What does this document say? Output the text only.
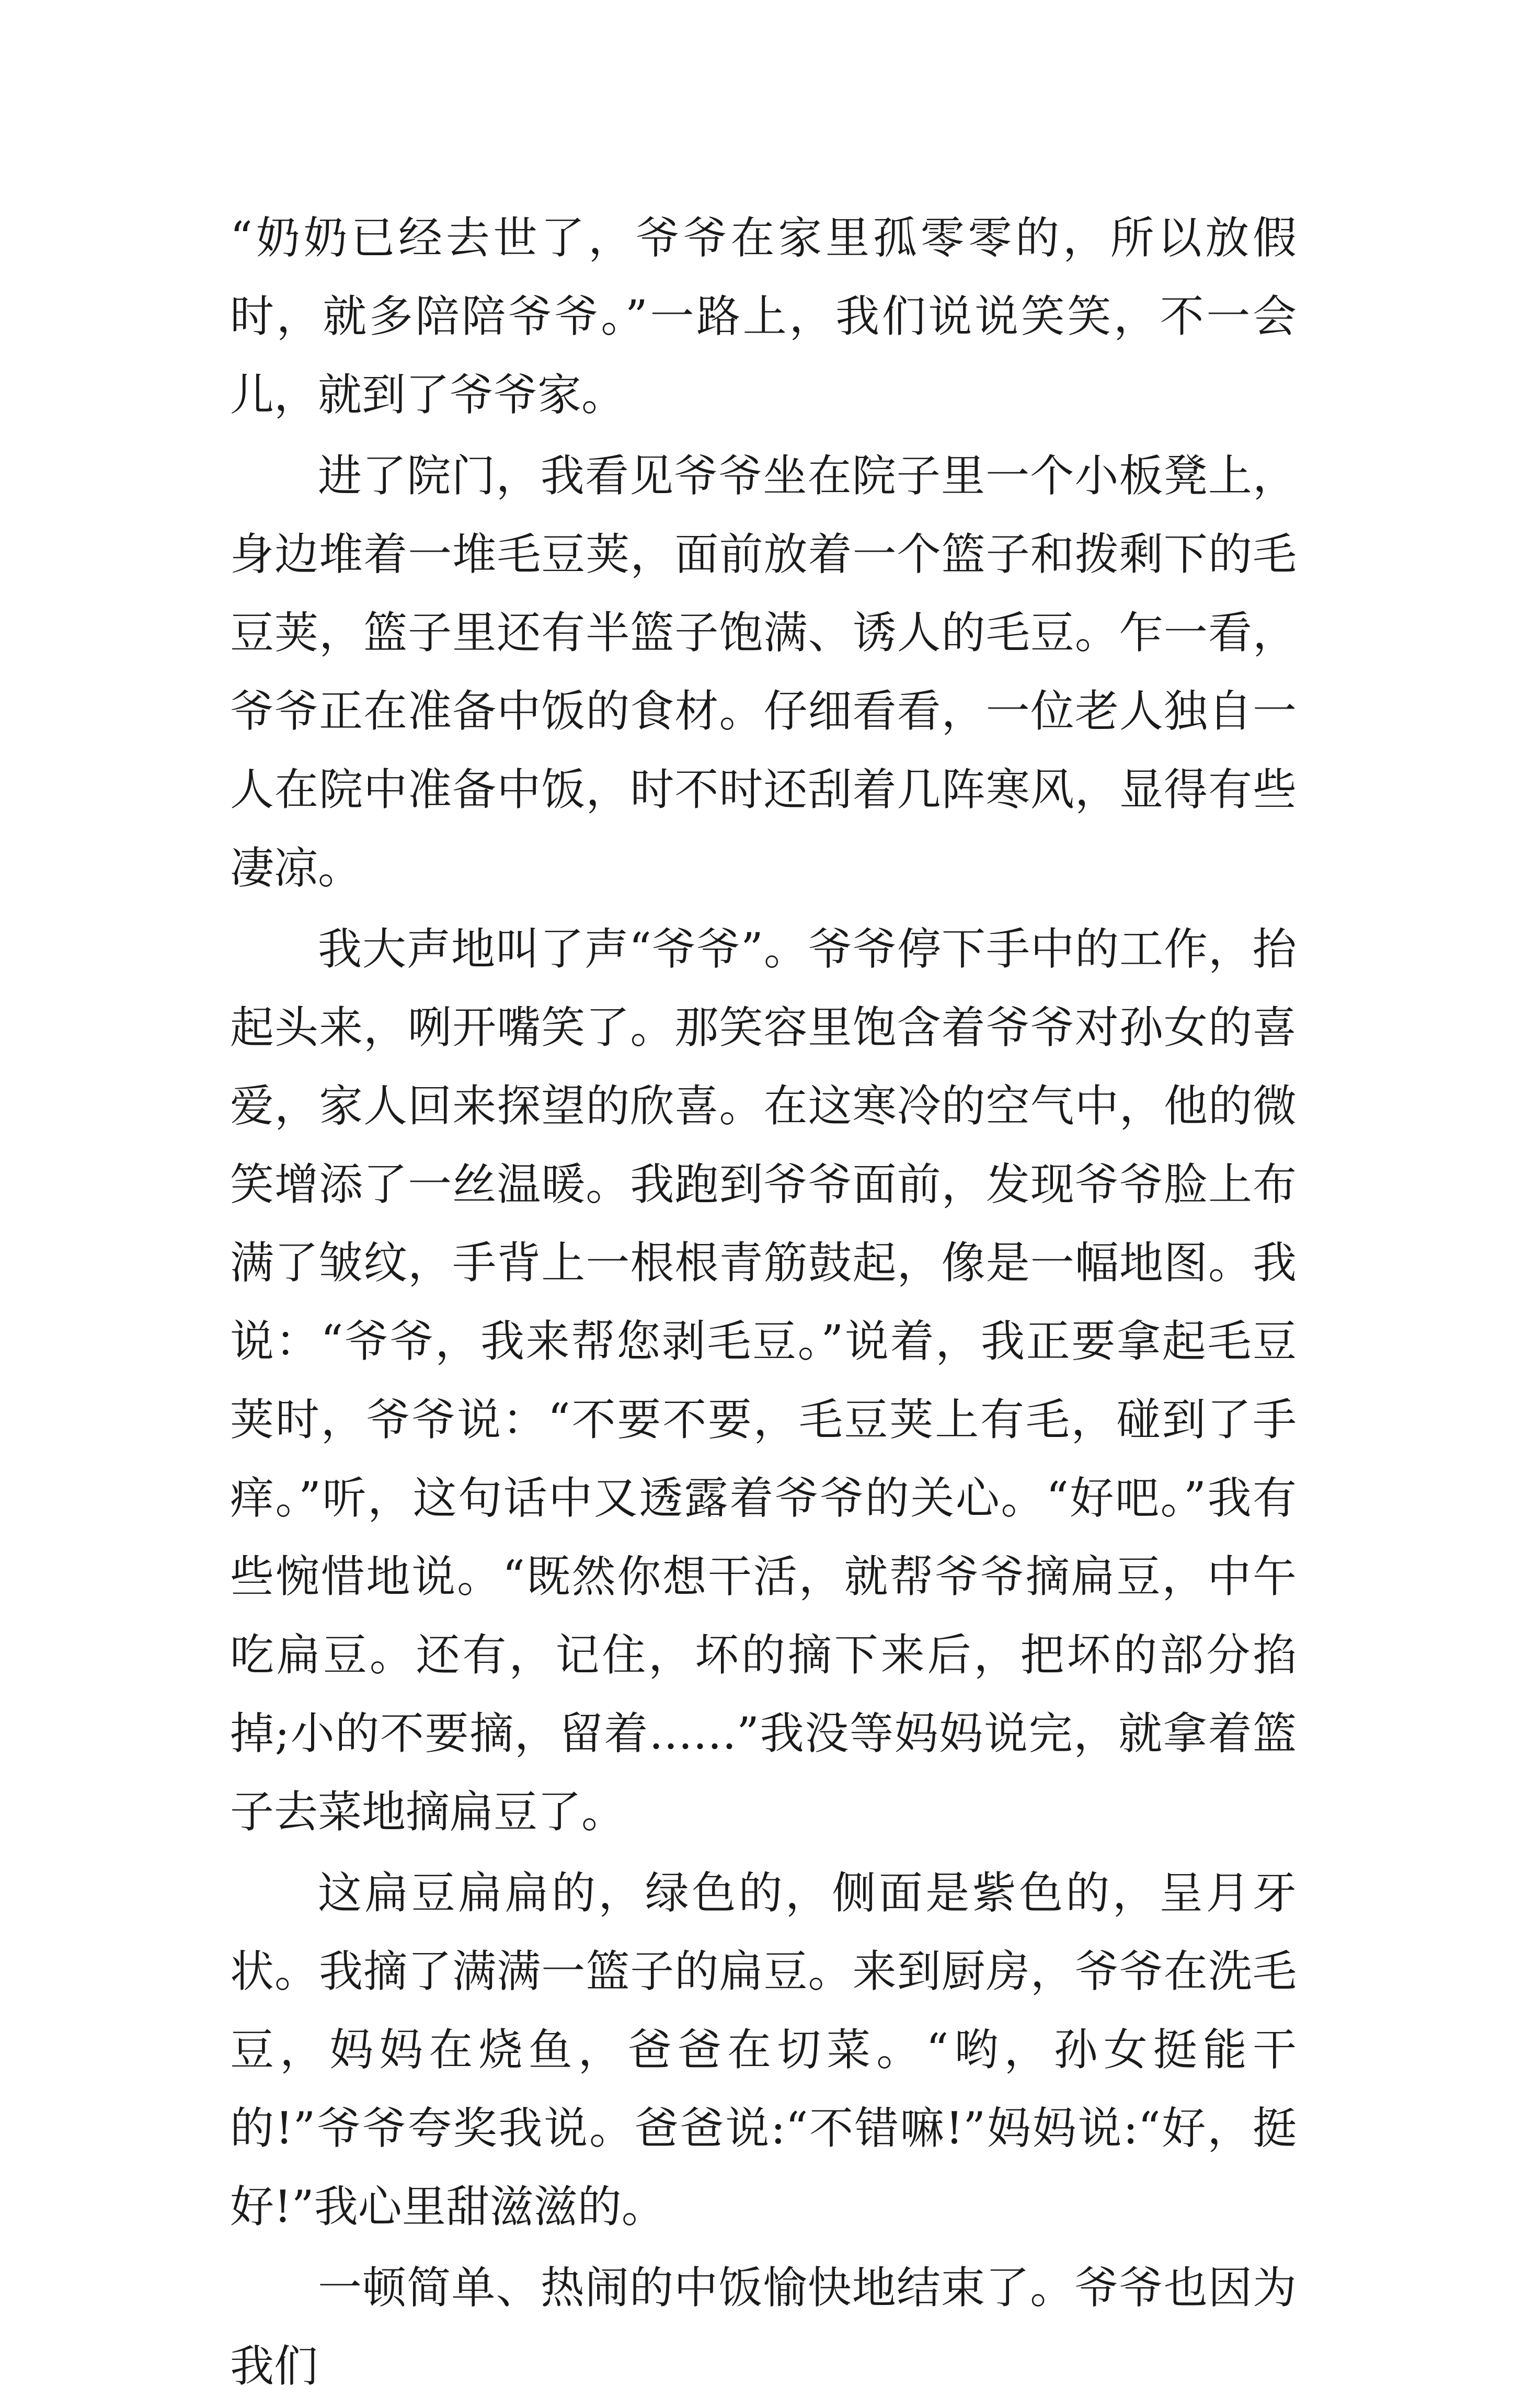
“奶奶已经去世了，爷爷在家里孤零零的，所以放假时，就多陪陪爷爷。”一路上，我们说说笑笑，不一会儿，就到了爷爷家。

进了院门，我看见爷爷坐在院子里一个小板凳上，身边堆着一堆毛豆荚，面前放着一个篮子和拨剩下的毛豆荚，篮子里还有半篮子饱满、诱人的毛豆。乍一看，爷爷正在准备中饭的食材。仔细看看，一位老人独自一人在院中准备中饭，时不时还刮着几阵寒风，显得有些凄凉。

我大声地叫了声“爷爷”。爷爷停下手中的工作，抬起头来，咧开嘴笑了。那笑容里饱含着爷爷对孙女的喜爱，家人回来探望的欣喜。在这寒冷的空气中，他的微笑增添了一丝温暖。我跑到爷爷面前，发现爷爷脸上布满了皱纹，手背上一根根青筋鼓起，像是一幅地图。我说：“爷爷，我来帮您剥毛豆。”说着，我正要拿起毛豆荚时，爷爷说：“不要不要，毛豆荚上有毛，碰到了手痒。”听，这句话中又透露着爷爷的关心。“好吧。”我有些惋惜地说。“既然你想干活，就帮爷爷摘扁豆，中午吃扁豆。还有，记住，坏的摘下来后，把坏的部分掐掉;小的不要摘，留着……”我没等妈妈说完，就拿着篮子去菜地摘扁豆了。

这扁豆扁扁的，绿色的，侧面是紫色的，呈月牙状。我摘了满满一篮子的扁豆。来到厨房，爷爷在洗毛豆，妈妈在烧鱼，爸爸在切菜。“哟，孙女挺能干的!”爷爷夸奖我说。爸爸说:“不错嘛!”妈妈说:“好，挺好!”我心里甜滋滋的。

一顿简单、热闹的中饭愉快地结束了。爷爷也因为我们
